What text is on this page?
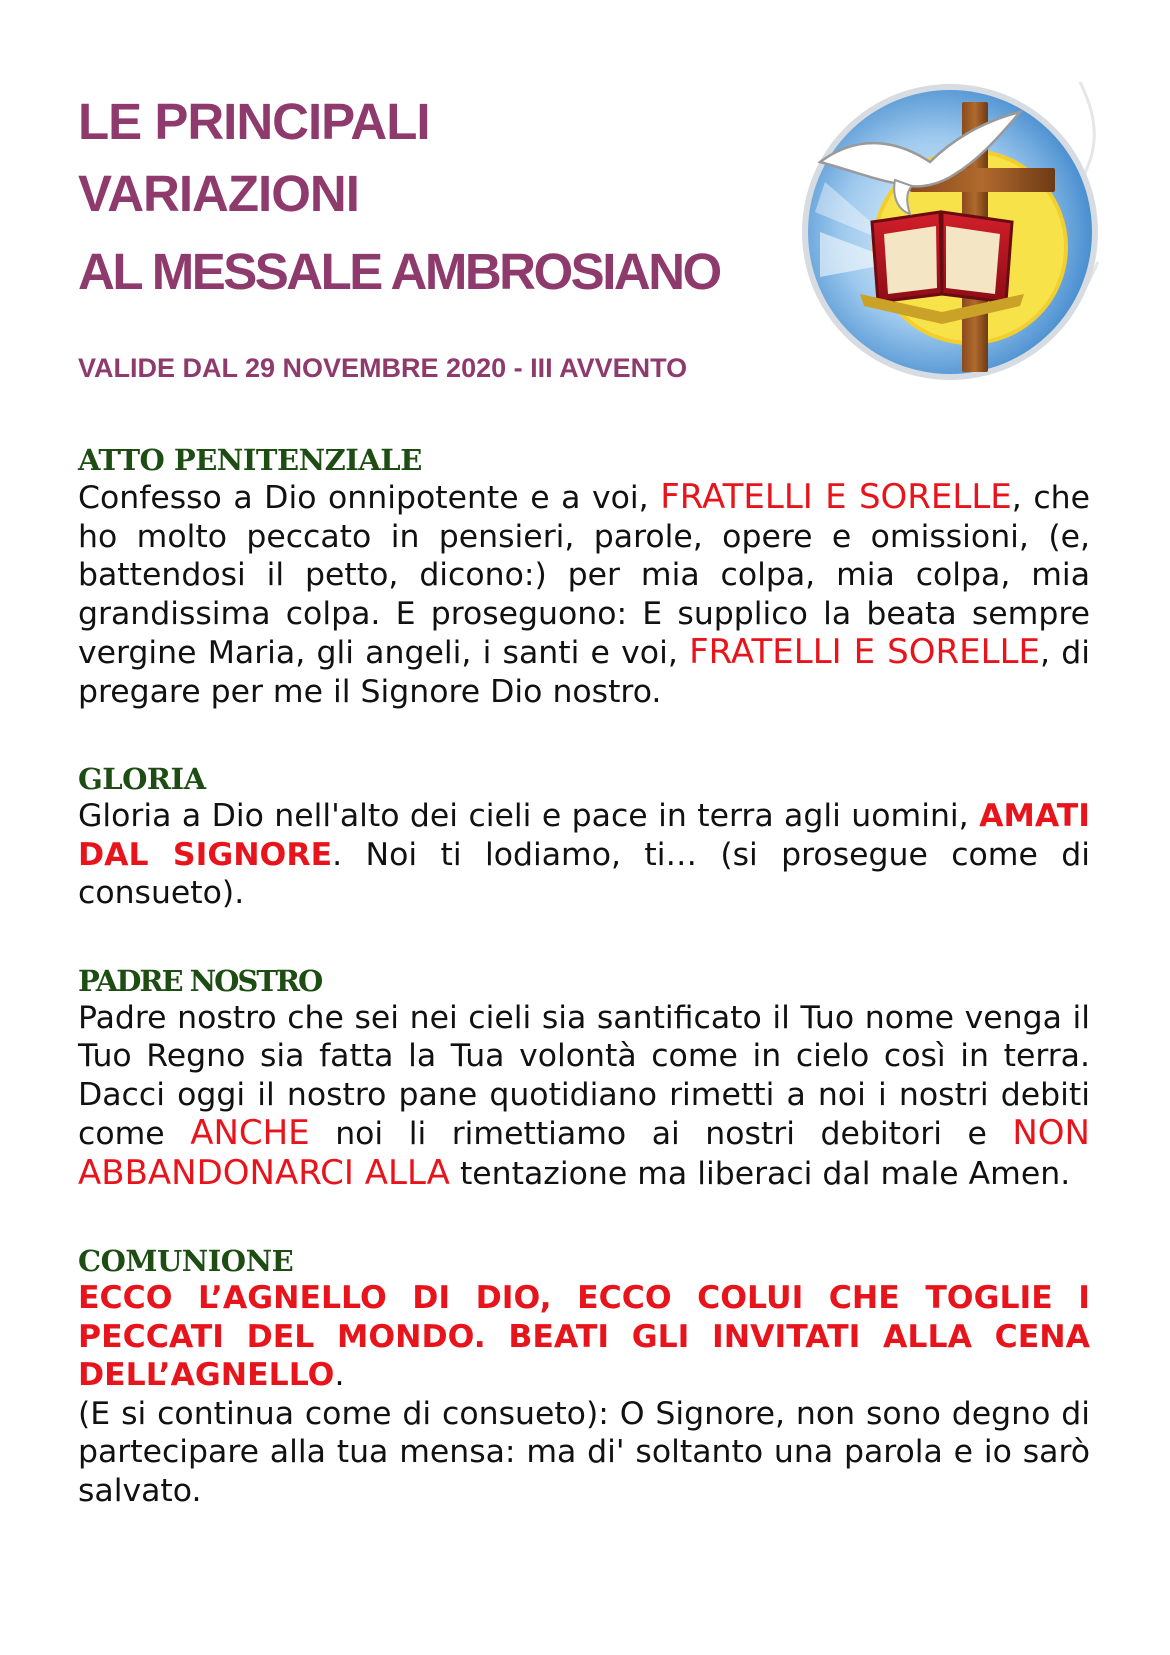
LE PRINCIPALI
VARIAZIONI
AL MESSALE AMBROSIANO
VALIDE DAL 29 NOVEMBRE 2020 - III AVVENTO
ATTO PENITENZIALE

Confesso a Dio onnipotente e a voi, FRATELLI E SORELLE, che ho molto peccato in pensieri, parole, opere e omissioni, (e, battendosi il petto, dicono:) per mia colpa, mia colpa, mia grandissima colpa. E proseguono: E supplico la beata sempre vergine Maria, gli angeli, i santi e voi, FRATELLI E SORELLE, di pregare per me il Signore Dio nostro.

GLORIA

Gloria a Dio nell'alto dei cieli e pace in terra agli uomini, AMATI DAL SIGNORE. Noi ti lodiamo, ti… (si prosegue come di consueto).

PADRE NOSTRO

Padre nostro che sei nei cieli sia santificato il Tuo nome venga il Tuo Regno sia fatta la Tua volontà come in cielo così in terra. Dacci oggi il nostro pane quotidiano rimetti a noi i nostri debiti come ANCHE noi li rimettiamo ai nostri debitori e NON ABBANDONARCI ALLA tentazione ma liberaci dal male Amen.

COMUNIONE

ECCO L’AGNELLO DI DIO, ECCO COLUI CHE TOGLIE I PECCATI DEL MONDO. BEATI GLI INVITATI ALLA CENA DELL’AGNELLO.

(E si continua come di consueto): O Signore, non sono degno di partecipare alla tua mensa: ma di' soltanto una parola e io sarò salvato.
